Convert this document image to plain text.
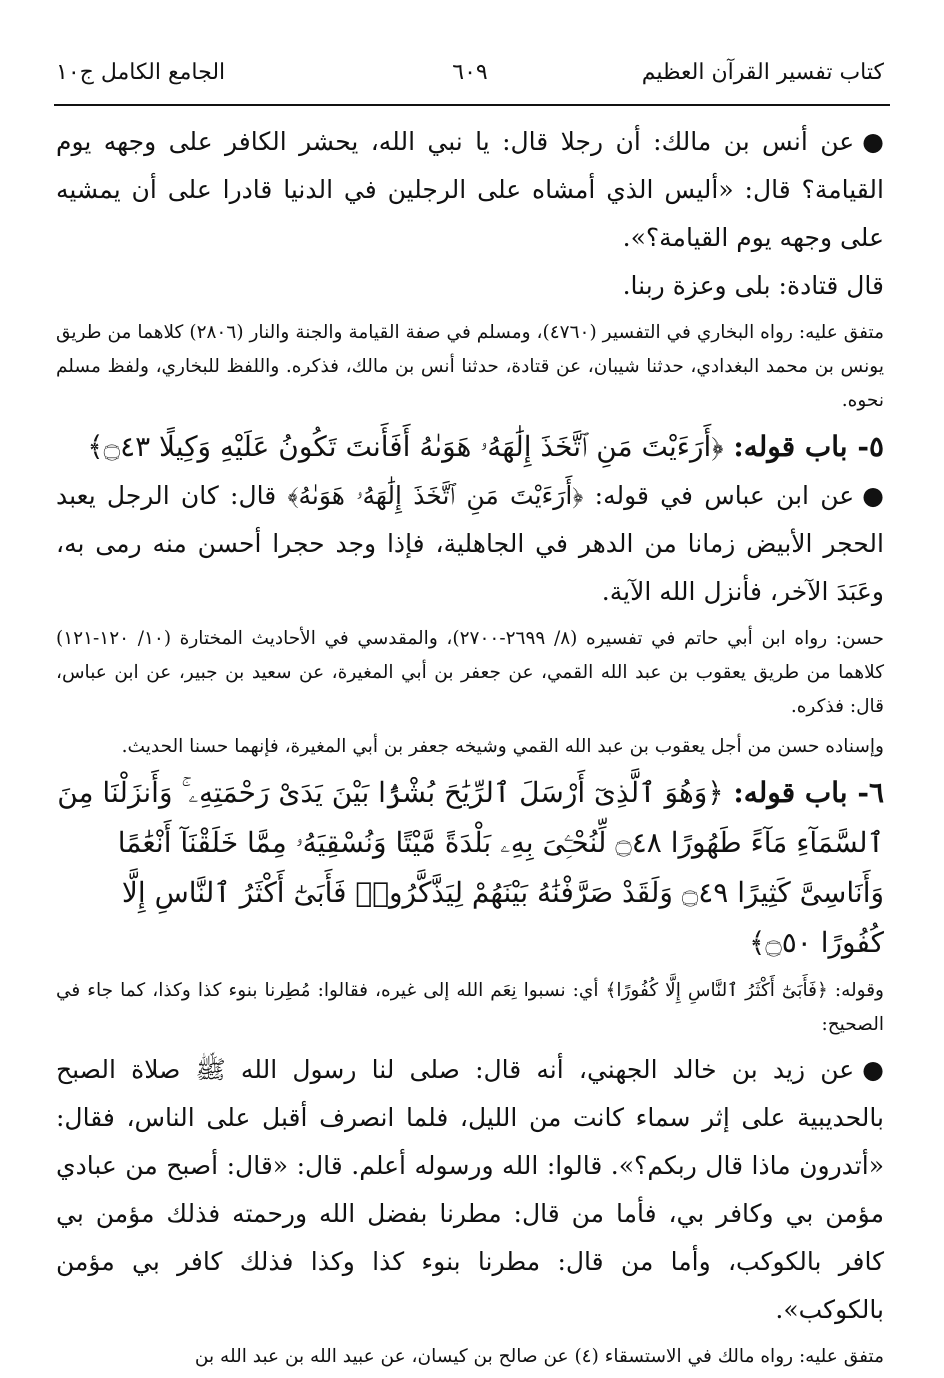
كتاب تفسير القرآن العظيم
٦٠٩
الجامع الكامل ج١٠

●عن أنس بن مالك: أن رجلا قال: يا نبي الله، يحشر الكافر على وجهه يوم القيامة؟ قال: «أليس الذي أمشاه على الرجلين في الدنيا قادرا على أن يمشيه على وجهه يوم القيامة؟».

قال قتادة: بلى وعزة ربنا.

متفق عليه: رواه البخاري في التفسير (٤٧٦٠)، ومسلم في صفة القيامة والجنة والنار (٢٨٠٦) كلاهما من طريق يونس بن محمد البغدادي، حدثنا شيبان، عن قتادة، حدثنا أنس بن مالك، فذكره. واللفظ للبخاري، ولفظ مسلم نحوه.

٥- باب قوله: ﴿أَرَءَيْتَ مَنِ ٱتَّخَذَ إِلَٰهَهُۥ هَوَىٰهُ أَفَأَنتَ تَكُونُ عَلَيْهِ وَكِيلًا ۝٤٣﴾

●عن ابن عباس في قوله: ﴿أَرَءَيْتَ مَنِ ٱتَّخَذَ إِلَٰهَهُۥ هَوَىٰهُ﴾ قال: كان الرجل يعبد الحجر الأبيض زمانا من الدهر في الجاهلية، فإذا وجد حجرا أحسن منه رمى به، وعَبَدَ الآخر، فأنزل الله الآية.

حسن: رواه ابن أبي حاتم في تفسيره (٨/ ٢٦٩٩-٢٧٠٠)، والمقدسي في الأحاديث المختارة (١٠/ ١٢٠-١٢١) كلاهما من طريق يعقوب بن عبد الله القمي، عن جعفر بن أبي المغيرة، عن سعيد بن جبير، عن ابن عباس، قال: فذكره.

وإسناده حسن من أجل يعقوب بن عبد الله القمي وشيخه جعفر بن أبي المغيرة، فإنهما حسنا الحديث.

٦- باب قوله: ﴿وَهُوَ ٱلَّذِىٓ أَرْسَلَ ٱلرِّيَٰحَ بُشْرًۢا بَيْنَ يَدَىْ رَحْمَتِهِۦ ۚ وَأَنزَلْنَا مِنَ ٱلسَّمَآءِ مَآءً طَهُورًا ۝٤٨ لِّنُحْـِۧىَ بِهِۦ بَلْدَةً مَّيْتًا وَنُسْقِيَهُۥ مِمَّا خَلَقْنَآ أَنْعَٰمًا وَأَنَاسِىَّ كَثِيرًا ۝٤٩ وَلَقَدْ صَرَّفْنَٰهُ بَيْنَهُمْ لِيَذَّكَّرُوا۟ فَأَبَىٰٓ أَكْثَرُ ٱلنَّاسِ إِلَّا كُفُورًا ۝٥٠﴾

وقوله: ﴿فَأَبَىٰٓ أَكْثَرُ ٱلنَّاسِ إِلَّا كُفُورًا﴾ أي: نسبوا نِعَم الله إلى غيره، فقالوا: مُطِرنا بنوء كذا وكذا، كما جاء في الصحيح:

●عن زيد بن خالد الجهني، أنه قال: صلى لنا رسول الله ﷺ صلاة الصبح بالحديبية على إثر سماء كانت من الليل، فلما انصرف أقبل على الناس، فقال: «أتدرون ماذا قال ربكم؟». قالوا: الله ورسوله أعلم. قال: «قال: أصبح من عبادي مؤمن بي وكافر بي، فأما من قال: مطرنا بفضل الله ورحمته فذلك مؤمن بي كافر بالكوكب، وأما من قال: مطرنا بنوء كذا وكذا فذلك كافر بي مؤمن بالكوكب».

متفق عليه: رواه مالك في الاستسقاء (٤) عن صالح بن كيسان، عن عبيد الله بن عبد الله بن
